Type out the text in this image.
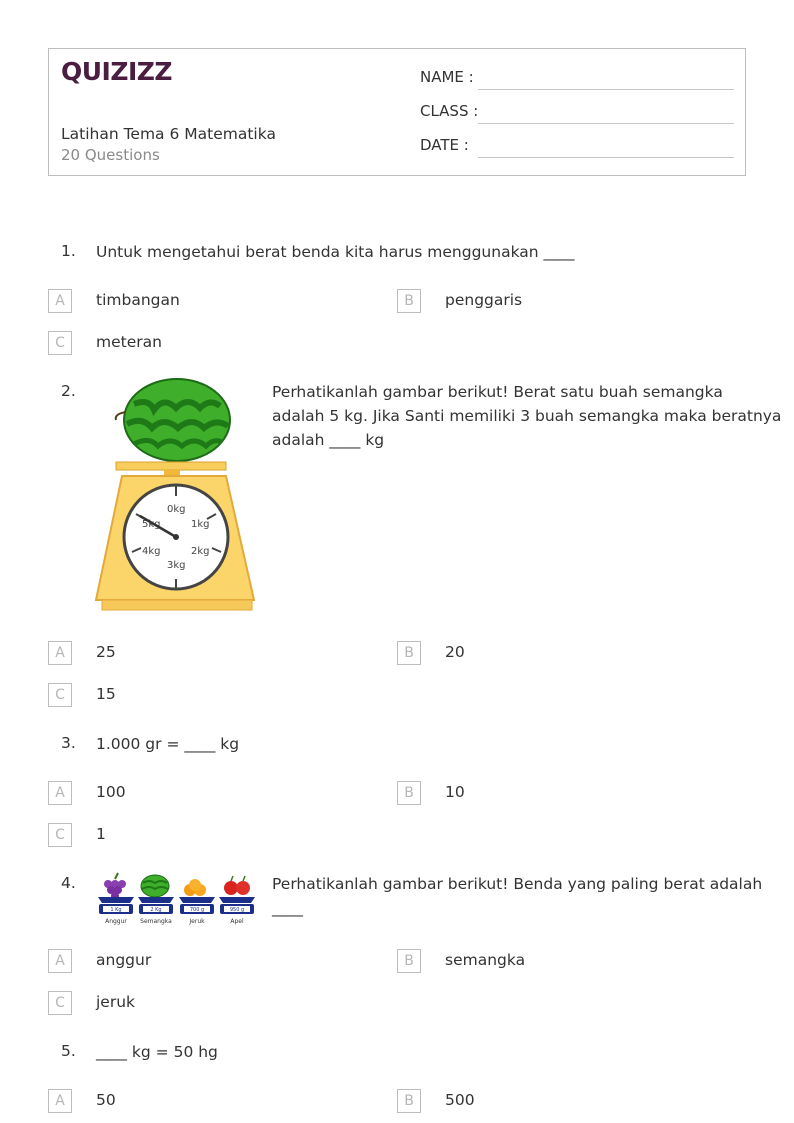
QUIZIZZ
Latihan Tema 6 Matematika
20 Questions
NAME :
CLASS :
DATE :
1. Untuk mengetahui berat benda kita harus menggunakan ____
A	timbangan	B	penggaris
C	meteran
2.
0kg
1kg
2kg
3kg
4kg
5kg
Perhatikanlah gambar berikut! Berat satu buah semangka
adalah 5 kg. Jika Santi memiliki 3 buah semangka maka beratnya
adalah ____ kg
A	25	B	20
C	15
3. 1.000 gr = ____ kg
A	100	B	10
C	1
4.
1 Kg	2 Kg	700 g	950 g
Anggur Semangka	Jeruk	Apel
Perhatikanlah gambar berikut! Benda yang paling berat adalah
____
A	anggur	B	semangka
C	jeruk
5. ____ kg = 50 hg
A	50	B	500
